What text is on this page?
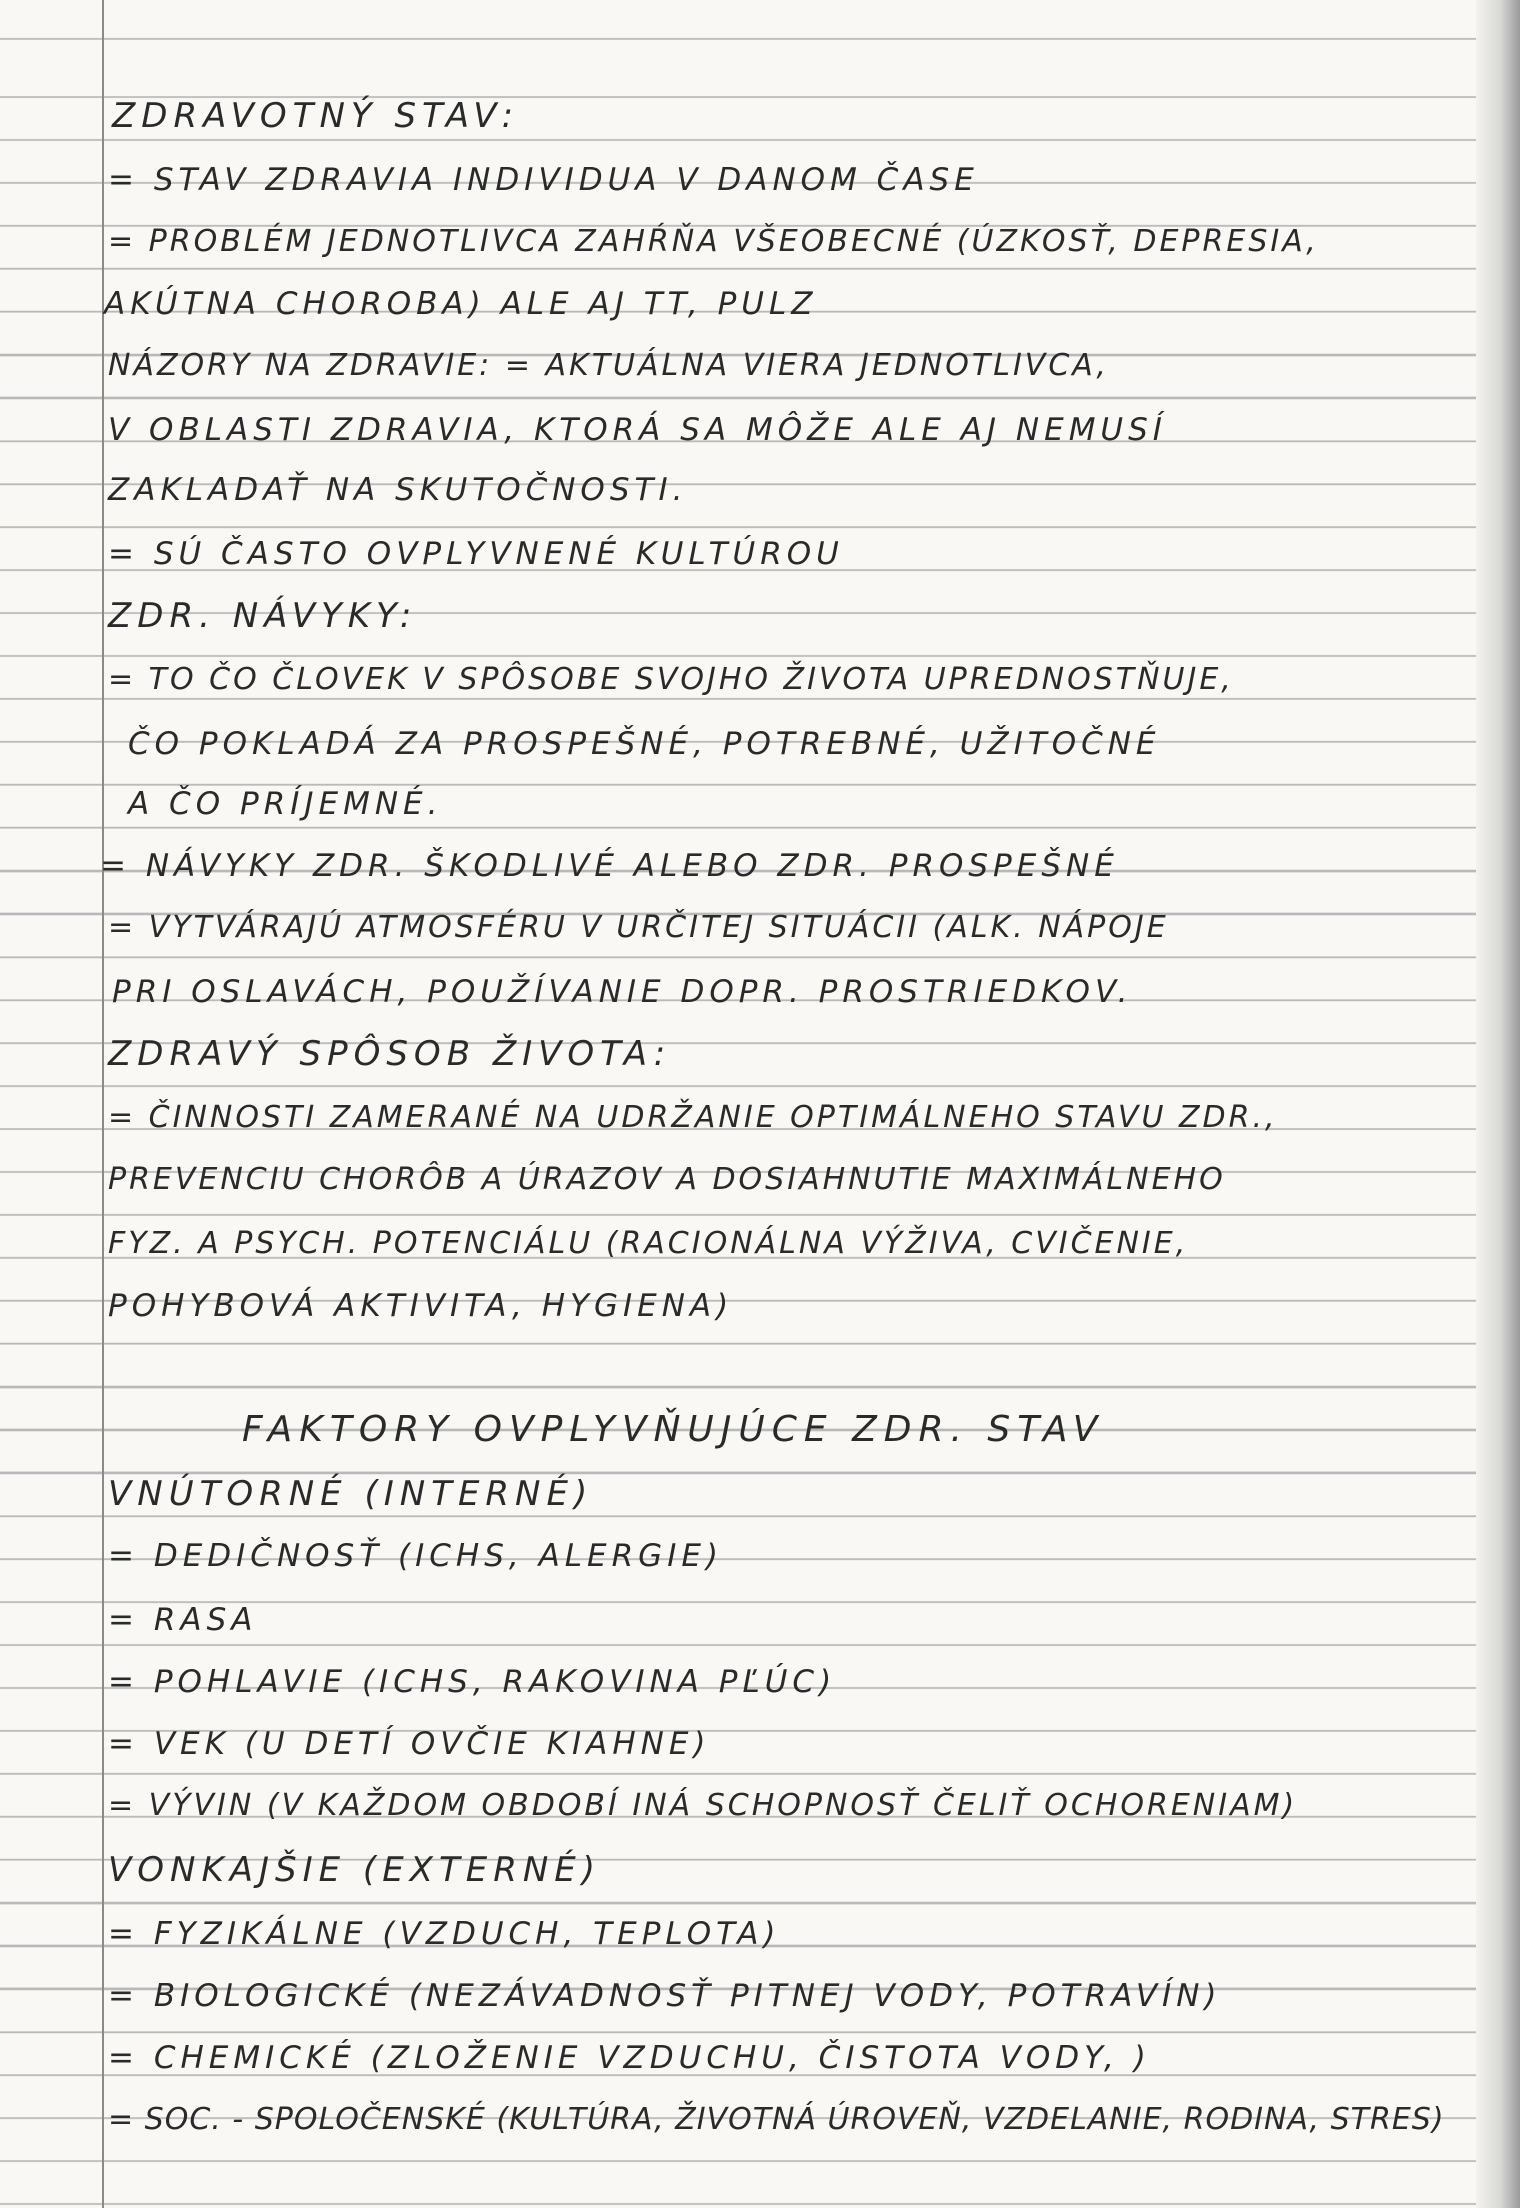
ZDRAVOTNÝ STAV:
= STAV ZDRAVIA INDIVIDUA V DANOM ČASE
= PROBLÉM JEDNOTLIVCA ZAHŔŇA VŠEOBECNÉ (ÚZKOSŤ, DEPRESIA,
AKÚTNA CHOROBA) ALE AJ TT, PULZ
NÁZORY NA ZDRAVIE: = AKTUÁLNA VIERA JEDNOTLIVCA,
V OBLASTI ZDRAVIA, KTORÁ SA MÔŽE ALE AJ NEMUSÍ
ZAKLADAŤ NA SKUTOČNOSTI.
= SÚ ČASTO OVPLYVNENÉ KULTÚROU
ZDR. NÁVYKY:
= TO ČO ČLOVEK V SPÔSOBE SVOJHO ŽIVOTA UPREDNOSTŇUJE,
ČO POKLADÁ ZA PROSPEŠNÉ, POTREBNÉ, UŽITOČNÉ
A ČO PRÍJEMNÉ.
= NÁVYKY ZDR. ŠKODLIVÉ ALEBO ZDR. PROSPEŠNÉ
= VYTVÁRAJÚ ATMOSFÉRU V URČITEJ SITUÁCII (ALK. NÁPOJE
PRI OSLAVÁCH, POUŽÍVANIE DOPR. PROSTRIEDKOV.
ZDRAVÝ SPÔSOB ŽIVOTA:
= ČINNOSTI ZAMERANÉ NA UDRŽANIE OPTIMÁLNEHO STAVU ZDR.,
PREVENCIU CHORÔB A ÚRAZOV A DOSIAHNUTIE MAXIMÁLNEHO
FYZ. A PSYCH. POTENCIÁLU (RACIONÁLNA VÝŽIVA, CVIČENIE,
POHYBOVÁ AKTIVITA, HYGIENA)
FAKTORY OVPLYVŇUJÚCE ZDR. STAV
VNÚTORNÉ (INTERNÉ)
= DEDIČNOSŤ (ICHS, ALERGIE)
= RASA
= POHLAVIE (ICHS, RAKOVINA PĽÚC)
= VEK (U DETÍ OVČIE KIAHNE)
= VÝVIN (V KAŽDOM OBDOBÍ INÁ SCHOPNOSŤ ČELIŤ OCHORENIAM)
VONKAJŠIE (EXTERNÉ)
= FYZIKÁLNE (VZDUCH, TEPLOTA)
= BIOLOGICKÉ (NEZÁVADNOSŤ PITNEJ VODY, POTRAVÍN)
= CHEMICKÉ (ZLOŽENIE VZDUCHU, ČISTOTA VODY, )
= SOC. - SPOLOČENSKÉ (KULTÚRA, ŽIVOTNÁ ÚROVEŇ, VZDELANIE, RODINA, STRES)
